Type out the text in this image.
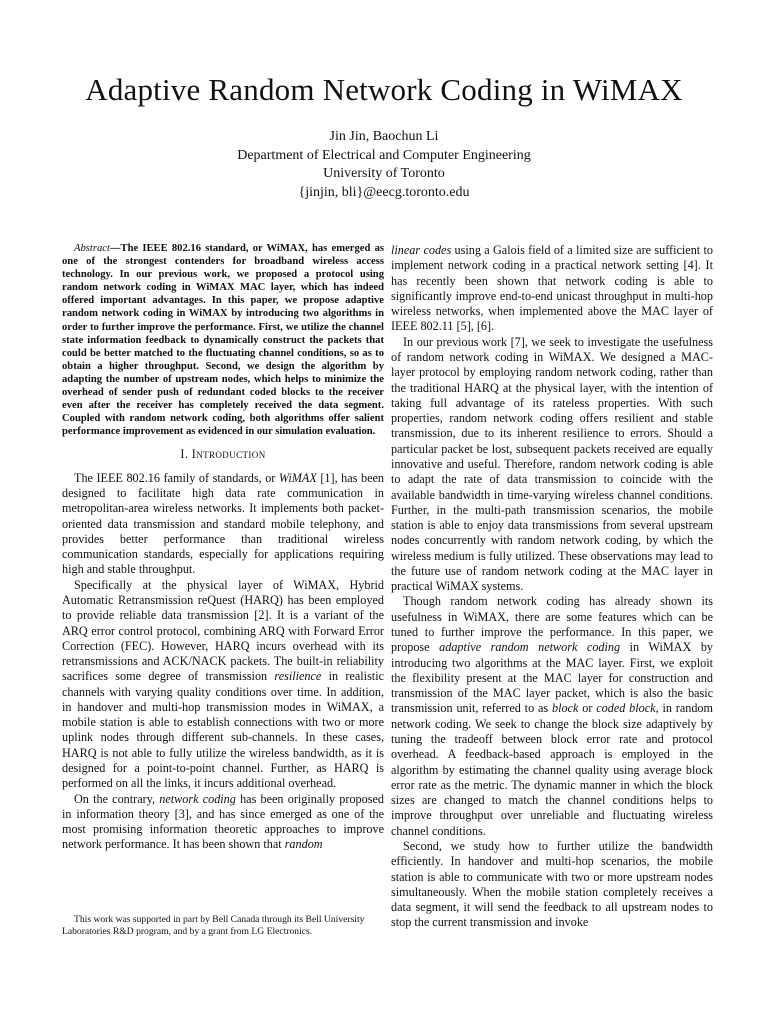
Adaptive Random Network Coding in WiMAX
Jin Jin, Baochun Li
Department of Electrical and Computer Engineering
University of Toronto
{jinjin, bli}@eecg.toronto.edu

Abstract—The IEEE 802.16 standard, or WiMAX, has emerged as one of the strongest contenders for broadband wireless access technology. In our previous work, we proposed a protocol using random network coding in WiMAX MAC layer, which has indeed offered important advantages. In this paper, we propose adaptive random network coding in WiMAX by introducing two algorithms in order to further improve the performance. First, we utilize the channel state information feedback to dynamically construct the packets that could be better matched to the fluctuating channel conditions, so as to obtain a higher throughput. Second, we design the algorithm by adapting the number of upstream nodes, which helps to minimize the overhead of sender push of redundant coded blocks to the receiver even after the receiver has completely received the data segment. Coupled with random network coding, both algorithms offer salient performance improvement as evidenced in our simulation evaluation.

I. Introduction

The IEEE 802.16 family of standards, or WiMAX [1], has been designed to facilitate high data rate communication in metropolitan-area wireless networks. It implements both packet-oriented data transmission and standard mobile telephony, and provides better performance than traditional wireless communication standards, especially for applications requiring high and stable throughput.

Specifically at the physical layer of WiMAX, Hybrid Automatic Retransmission reQuest (HARQ) has been employed to provide reliable data transmission [2]. It is a variant of the ARQ error control protocol, combining ARQ with Forward Error Correction (FEC). However, HARQ incurs overhead with its retransmissions and ACK/NACK packets. The built-in reliability sacrifices some degree of transmission resilience in realistic channels with varying quality conditions over time. In addition, in handover and multi-hop transmission modes in WiMAX, a mobile station is able to establish connections with two or more uplink nodes through different sub-channels. In these cases, HARQ is not able to fully utilize the wireless bandwidth, as it is designed for a point-to-point channel. Further, as HARQ is performed on all the links, it incurs additional overhead.

On the contrary, network coding has been originally proposed in information theory [3], and has since emerged as one of the most promising information theoretic approaches to improve network performance. It has been shown that random

This work was supported in part by Bell Canada through its Bell University Laboratories R&D program, and by a grant from LG Electronics.

linear codes using a Galois field of a limited size are sufficient to implement network coding in a practical network setting [4]. It has recently been shown that network coding is able to significantly improve end-to-end unicast throughput in multi-hop wireless networks, when implemented above the MAC layer of IEEE 802.11 [5], [6].

In our previous work [7], we seek to investigate the usefulness of random network coding in WiMAX. We designed a MAC-layer protocol by employing random network coding, rather than the traditional HARQ at the physical layer, with the intention of taking full advantage of its rateless properties. With such properties, random network coding offers resilient and stable transmission, due to its inherent resilience to errors. Should a particular packet be lost, subsequent packets received are equally innovative and useful. Therefore, random network coding is able to adapt the rate of data transmission to coincide with the available bandwidth in time-varying wireless channel conditions. Further, in the multi-path transmission scenarios, the mobile station is able to enjoy data transmissions from several upstream nodes concurrently with random network coding, by which the wireless medium is fully utilized. These observations may lead to the future use of random network coding at the MAC layer in practical WiMAX systems.

Though random network coding has already shown its usefulness in WiMAX, there are some features which can be tuned to further improve the performance. In this paper, we propose adaptive random network coding in WiMAX by introducing two algorithms at the MAC layer. First, we exploit the flexibility present at the MAC layer for construction and transmission of the MAC layer packet, which is also the basic transmission unit, referred to as block or coded block, in random network coding. We seek to change the block size adaptively by tuning the tradeoff between block error rate and protocol overhead. A feedback-based approach is employed in the algorithm by estimating the channel quality using average block error rate as the metric. The dynamic manner in which the block sizes are changed to match the channel conditions helps to improve throughput over unreliable and fluctuating wireless channel conditions.

Second, we study how to further utilize the bandwidth efficiently. In handover and multi-hop scenarios, the mobile station is able to communicate with two or more upstream nodes simultaneously. When the mobile station completely receives a data segment, it will send the feedback to all upstream nodes to stop the current transmission and invoke
